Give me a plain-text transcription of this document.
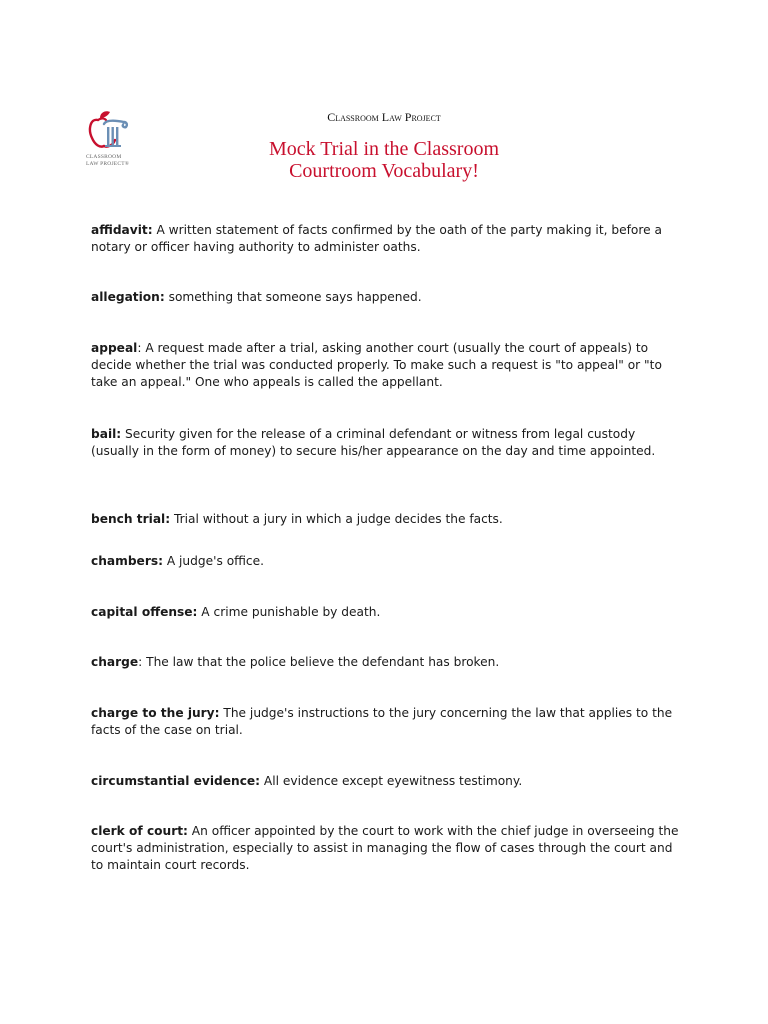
CLASSROOM
LAW PROJECT®
Classroom Law Project
Mock Trial in the Classroom
Courtroom Vocabulary!
affidavit: A written statement of facts confirmed by the oath of the party making it, before a notary or officer having authority to administer oaths.
allegation: something that someone says happened.
appeal: A request made after a trial, asking another court (usually the court of appeals) to decide whether the trial was conducted properly. To make such a request is "to appeal" or "to take an appeal." One who appeals is called the appellant.
bail: Security given for the release of a criminal defendant or witness from legal custody (usually in the form of money) to secure his/her appearance on the day and time appointed.
bench trial: Trial without a jury in which a judge decides the facts.
chambers: A judge's office.
capital offense: A crime punishable by death.
charge: The law that the police believe the defendant has broken.
charge to the jury: The judge's instructions to the jury concerning the law that applies to the facts of the case on trial.
circumstantial evidence: All evidence except eyewitness testimony.
clerk of court: An officer appointed by the court to work with the chief judge in overseeing the court's administration, especially to assist in managing the flow of cases through the court and to maintain court records.
